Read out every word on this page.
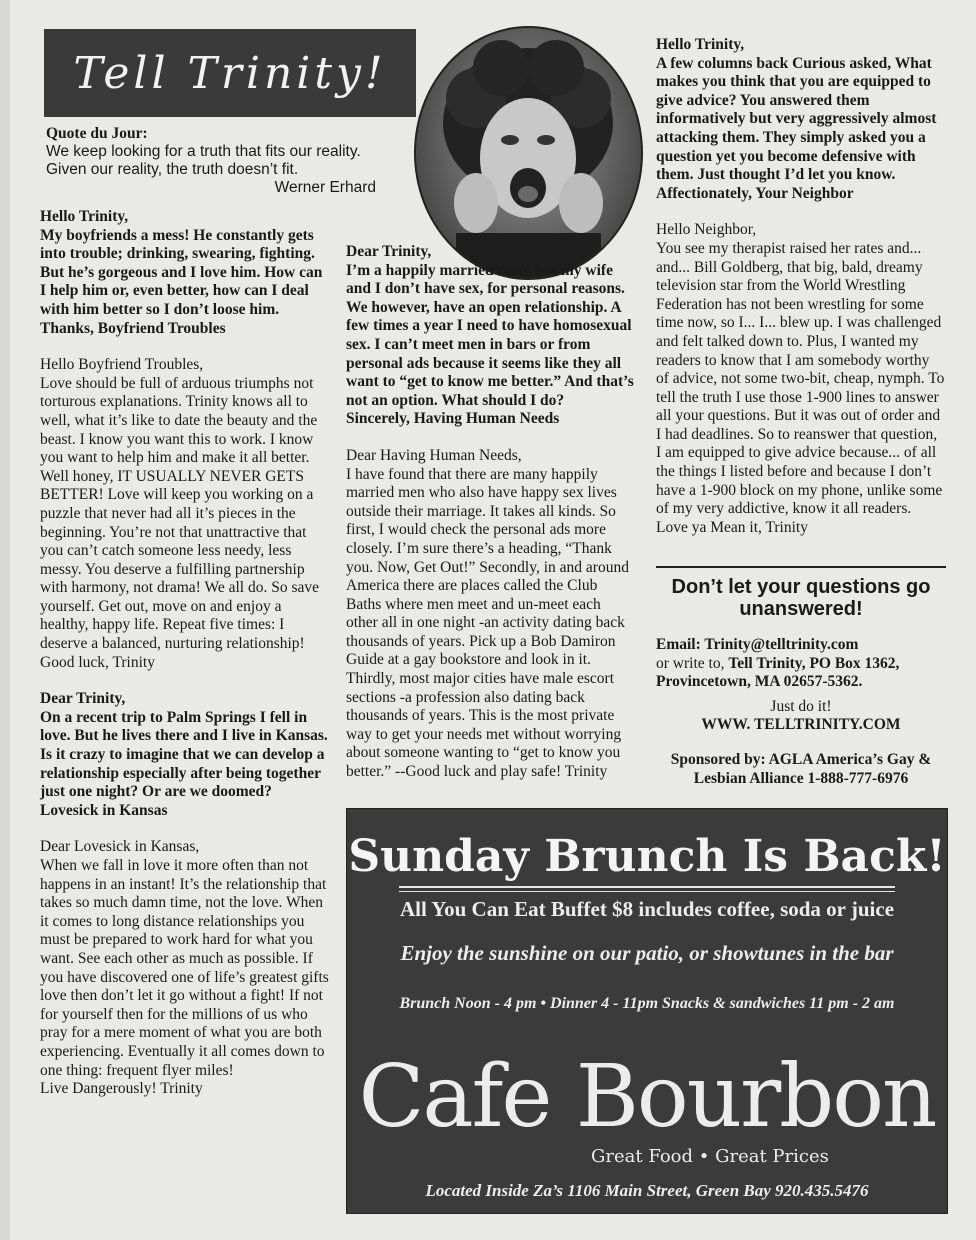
Tell Trinity!
Quote du Jour:
We keep looking for a truth that fits our reality.
Given our reality, the truth doesn’t fit.
Werner Erhard

Hello Trinity,
My boyfriends a mess! He constantly gets into trouble; drinking, swearing, fighting. But he’s gorgeous and I love him. How can I help him or, even better, how can I deal with him better so I don’t loose him.
Thanks, Boyfriend Troubles

Hello Boyfriend Troubles,
Love should be full of arduous triumphs not torturous explanations. Trinity knows all to well, what it’s like to date the beauty and the beast. I know you want this to work. I know you want to help him and make it all better. Well honey, IT USUALLY NEVER GETS BETTER! Love will keep you working on a puzzle that never had all it’s pieces in the beginning. You’re not that unattractive that you can’t catch someone less needy, less messy. You deserve a fulfilling partnership with harmony, not drama! We all do. So save yourself. Get out, move on and enjoy a healthy, happy life. Repeat five times: I deserve a balanced, nurturing relationship! Good luck, Trinity

Dear Trinity,
On a recent trip to Palm Springs I fell in love. But he lives there and I live in Kansas. Is it crazy to imagine that we can develop a relationship especially after being together just one night? Or are we doomed?
Lovesick in Kansas

Dear Lovesick in Kansas,
When we fall in love it more often than not happens in an instant! It’s the relationship that takes so much damn time, not the love. When it comes to long distance relationships you must be prepared to work hard for what you want. See each other as much as possible. If you have discovered one of life’s greatest gifts love then don’t let it go without a fight! If not for yourself then for the millions of us who pray for a mere moment of what you are both experiencing. Eventually it all comes down to one thing: frequent flyer miles!
Live Dangerously! Trinity

Dear Trinity,
I’m a happily married man, but my wife and I don’t have sex, for personal reasons. We however, have an open relationship. A few times a year I need to have homosexual sex. I can’t meet men in bars or from personal ads because it seems like they all want to “get to know me better.” And that’s not an option. What should I do?
Sincerely, Having Human Needs

Dear Having Human Needs,
I have found that there are many happily married men who also have happy sex lives outside their marriage. It takes all kinds. So first, I would check the personal ads more closely. I’m sure there’s a heading, “Thank you. Now, Get Out!” Secondly, in and around America there are places called the Club Baths where men meet and un-meet each other all in one night -an activity dating back thousands of years. Pick up a Bob Damiron Guide at a gay bookstore and look in it. Thirdly, most major cities have male escort sections -a profession also dating back thousands of years. This is the most private way to get your needs met without worrying about someone wanting to “get to know you better.” --Good luck and play safe! Trinity

Hello Trinity,
A few columns back Curious asked, What makes you think that you are equipped to give advice? You answered them informatively but very aggressively almost attacking them. They simply asked you a question yet you become defensive with them. Just thought I’d let you know.
Affectionately, Your Neighbor

Hello Neighbor,
You see my therapist raised her rates and... and... Bill Goldberg, that big, bald, dreamy television star from the World Wrestling Federation has not been wrestling for some time now, so I... I... blew up. I was challenged and felt talked down to. Plus, I wanted my readers to know that I am somebody worthy of advice, not some two-bit, cheap, nymph. To tell the truth I use those 1-900 lines to answer all your questions. But it was out of order and I had deadlines. So to reanswer that question, I am equipped to give advice because... of all the things I listed before and because I don’t have a 1-900 block on my phone, unlike some of my very addictive, know it all readers.
Love ya Mean it, Trinity

Don’t let your questions go unanswered!
Email: Trinity@telltrinity.com
or write to, Tell Trinity, PO Box 1362,
Provincetown, MA 02657-5362.
Just do it!
WWW. TELLTRINITY.COM
Sponsored by: AGLA America’s Gay & Lesbian Alliance 1-888-777-6976
Sunday Brunch Is Back!
All You Can Eat Buffet $8 includes coffee, soda or juice
Enjoy the sunshine on our patio, or showtunes in the bar
Brunch Noon - 4 pm • Dinner 4 - 11pm Snacks & sandwiches 11 pm - 2 am
Cafe Bourbon
Great Food • Great Prices
Located Inside Za’s 1106 Main Street, Green Bay 920.435.5476
